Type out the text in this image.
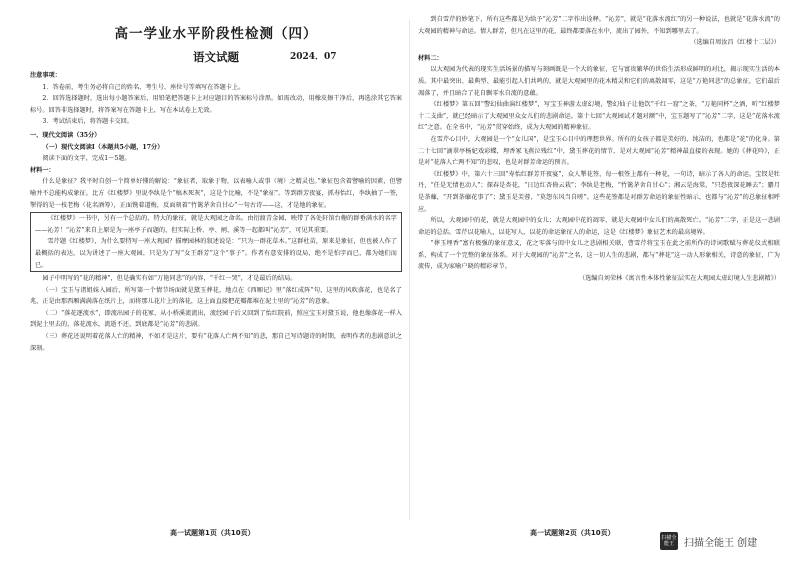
高一学业水平阶段性检测（四）
语文试题	2024．07

注意事项：

1．答卷前，考生务必将自己的姓名、考生号、座位号等填写在答题卡上。

2．回答选择题时，选出每小题答案后，用铅笔把答题卡上对应题目的答案标号涂黑。如需改动，用橡皮擦干净后，再选涂其它答案标号。回答非选择题时，将答案写在答题卡上，写在本试卷上无效。

3．考试结束后，将答题卡交回。

一、现代文阅读（35分）

（一）现代文阅读Ⅰ（本题共5小题，17分）

阅读下面的文字，完成1～5题。

材料一：

什么是象征？我平时自创一个简单好懂的解说：“象征者，取象于物，以表喻人或事（境）之精灵也。”象征包含着譬喻的因素，但譬喻并不总能构成象征。比方《红楼梦》里说李纨是个“槁木死灰”，这是个比喻，不是“象征”。等到群芳夜宴，抓寿怡红，李纨抽了一签，掣得的是一枝老梅（花名酒筹），正面镌着道梅，反面刻着“竹篱茅舍自甘心”一句古诗——这，才是地的象征。

《红楼梦》一书中，另有一个总括的、特大的象征，就是大观园之命名。由衍渡青金园，映带了各处轩馆台榭的群垂满水的名字——沁芳！“沁芳”来自上原是为一座亭子而题的，但实际上桥、亭、闸、溪等一起都叫“沁芳”，可见其重要。

雪芹题《红楼梦》，为什么要特写一座大观园？描摩园林的叙述说是：“只为一群花草木。”这群杜苗，原来是象征，但也被人作了最概括的表达，以为讲述了一座大观园，只是为了写“女王群芳”这个“事子”。作者有意安排的设局，绝不是怕字而已，都为她们而已。

园子中明写的“花的精神”，但是确实有如“万艳同悲”的内容，“千红一哭”，才是最后的结局。

（一）宝玉与诸姐妹入园后，所写第一个情节场面就是黛玉葬花，地点在《西厢记》里“落红成阵”句，这里的风吹落花，也是名了兆，正是由那西厢满满落在纸片上，而将那儿花片上的落花，这上面直接把花瓣都堆在泥土里的“沁芳”的意象。

（二）“落花逐流水”，即流出园子的花冢，从小桥溪流流出，流经园子后又回到了怡红院前，照应宝玉对黛玉说，他也像落花一样入到泥土里去的，落花流水，流逝不还，到底都是“沁芳”的悲剧。

（三）葬花还说明着花落人亡的精神，不如才是这片，要有“花落人亡两不知”的悲，那自己写诗题诗的时期，表明作者的悲剧意识之深刻。

到自雪芹的妙笔下，所有这些都是为给予“沁芳”二字作出诠释。“沁芳”，就是“花落水流红”的另一种说法，也就是“花落水流”的大观园的精神与命运。情人群芳，但凡在这里的花，最终都要落在水中，流出了园外，不知到哪里去了。

（选编自周汝昌《红楼十二层》）

材料二：

以大观园为代表的现实生活场景的描写与刻画既是一个大的象征，它与富贵繁华的世俗生活形成鲜明的对比，揭示现实生活的本质。其中最突出、最典型、最能引起人们共鸣的，就是大观园里的花木精灵和它们的离散凋零，这是“万艳同悲”的总象征，它们最后凋落了，并且暗合了花自飘零水自流的意蕴。

《红楼梦》第五回“警幻仙曲演红楼梦”，写宝玉神游太虚幻境，警幻仙子让他饮“千红一窟”之茶，“万艳同杯”之酒，听“红楼梦十二支曲”，就已经暗示了大观园里众女儿们的悲剧命运。第十七回“大观园试才题对额”中，宝玉题写了“沁芳”二字，这是“花落水流红”之意。在全书中，“沁芳”贯穿始终，成为大观园的精神象征。

在雪芹心目中，大观园是一个“女儿国”，是宝玉心目中的理想世界。所有的女孩子都是美好的、纯洁的，也都是“花”的化身。第二十七回“滴翠亭杨妃戏彩蝶，埋香冢飞燕泣残红”中，黛玉葬花的情节，是对大观园“沁芳”精神最直接的表现。她的《葬花吟》，正是对“花落人亡两不知”的悲叹，也是对群芳命运的预言。

《红楼梦》中，第六十三回“寿怡红群芳开夜宴”，众人掣花签，每一根签上都有一种花，一句诗，暗示了各人的命运。宝钗是牡丹，“任是无情也动人”；探春是杏花，“日边红杏倚云栽”；李纨是老梅，“竹篱茅舍自甘心”；湘云是海棠，“只恐夜深花睡去”；麝月是荼蘼，“开到荼蘼花事了”；黛玉是芙蓉，“莫怨东风当自嗟”。这些花签都是对群芳命运的象征性暗示，也都与“沁芳”的总象征相呼应。

所以，大观园中的花，就是大观园中的女儿；大观园中花的凋零，就是大观园中女儿们的离散死亡。“沁芳”二字，正是这一悲剧命运的总括。雪芹以花喻人，以花写人，以花的命运象征人的命运，这是《红楼梦》象征艺术的最高境界。

“葬玉埋香”富有极强的象征意义，花之零落与闺中女儿之悲剧相关联，曹雪芹将宝玉在此之前所作的诗词歌赋与葬花仪式相联系，构成了一个完整的象征体系。对于大观园的“沁芳”之名，这一切人生的悲剧，都与“葬花”这一动人形象相关，诗意的象征，广为流传，成为家喻户晓的精彩章节。

（选编自刘荣林《寓言性本体性象征层实在大观园太虚幻境人生悲剧精》）

高一试题第1页（共10页）	高一试题第2页（共10页）
扫描全能王	扫描全能王 创建
